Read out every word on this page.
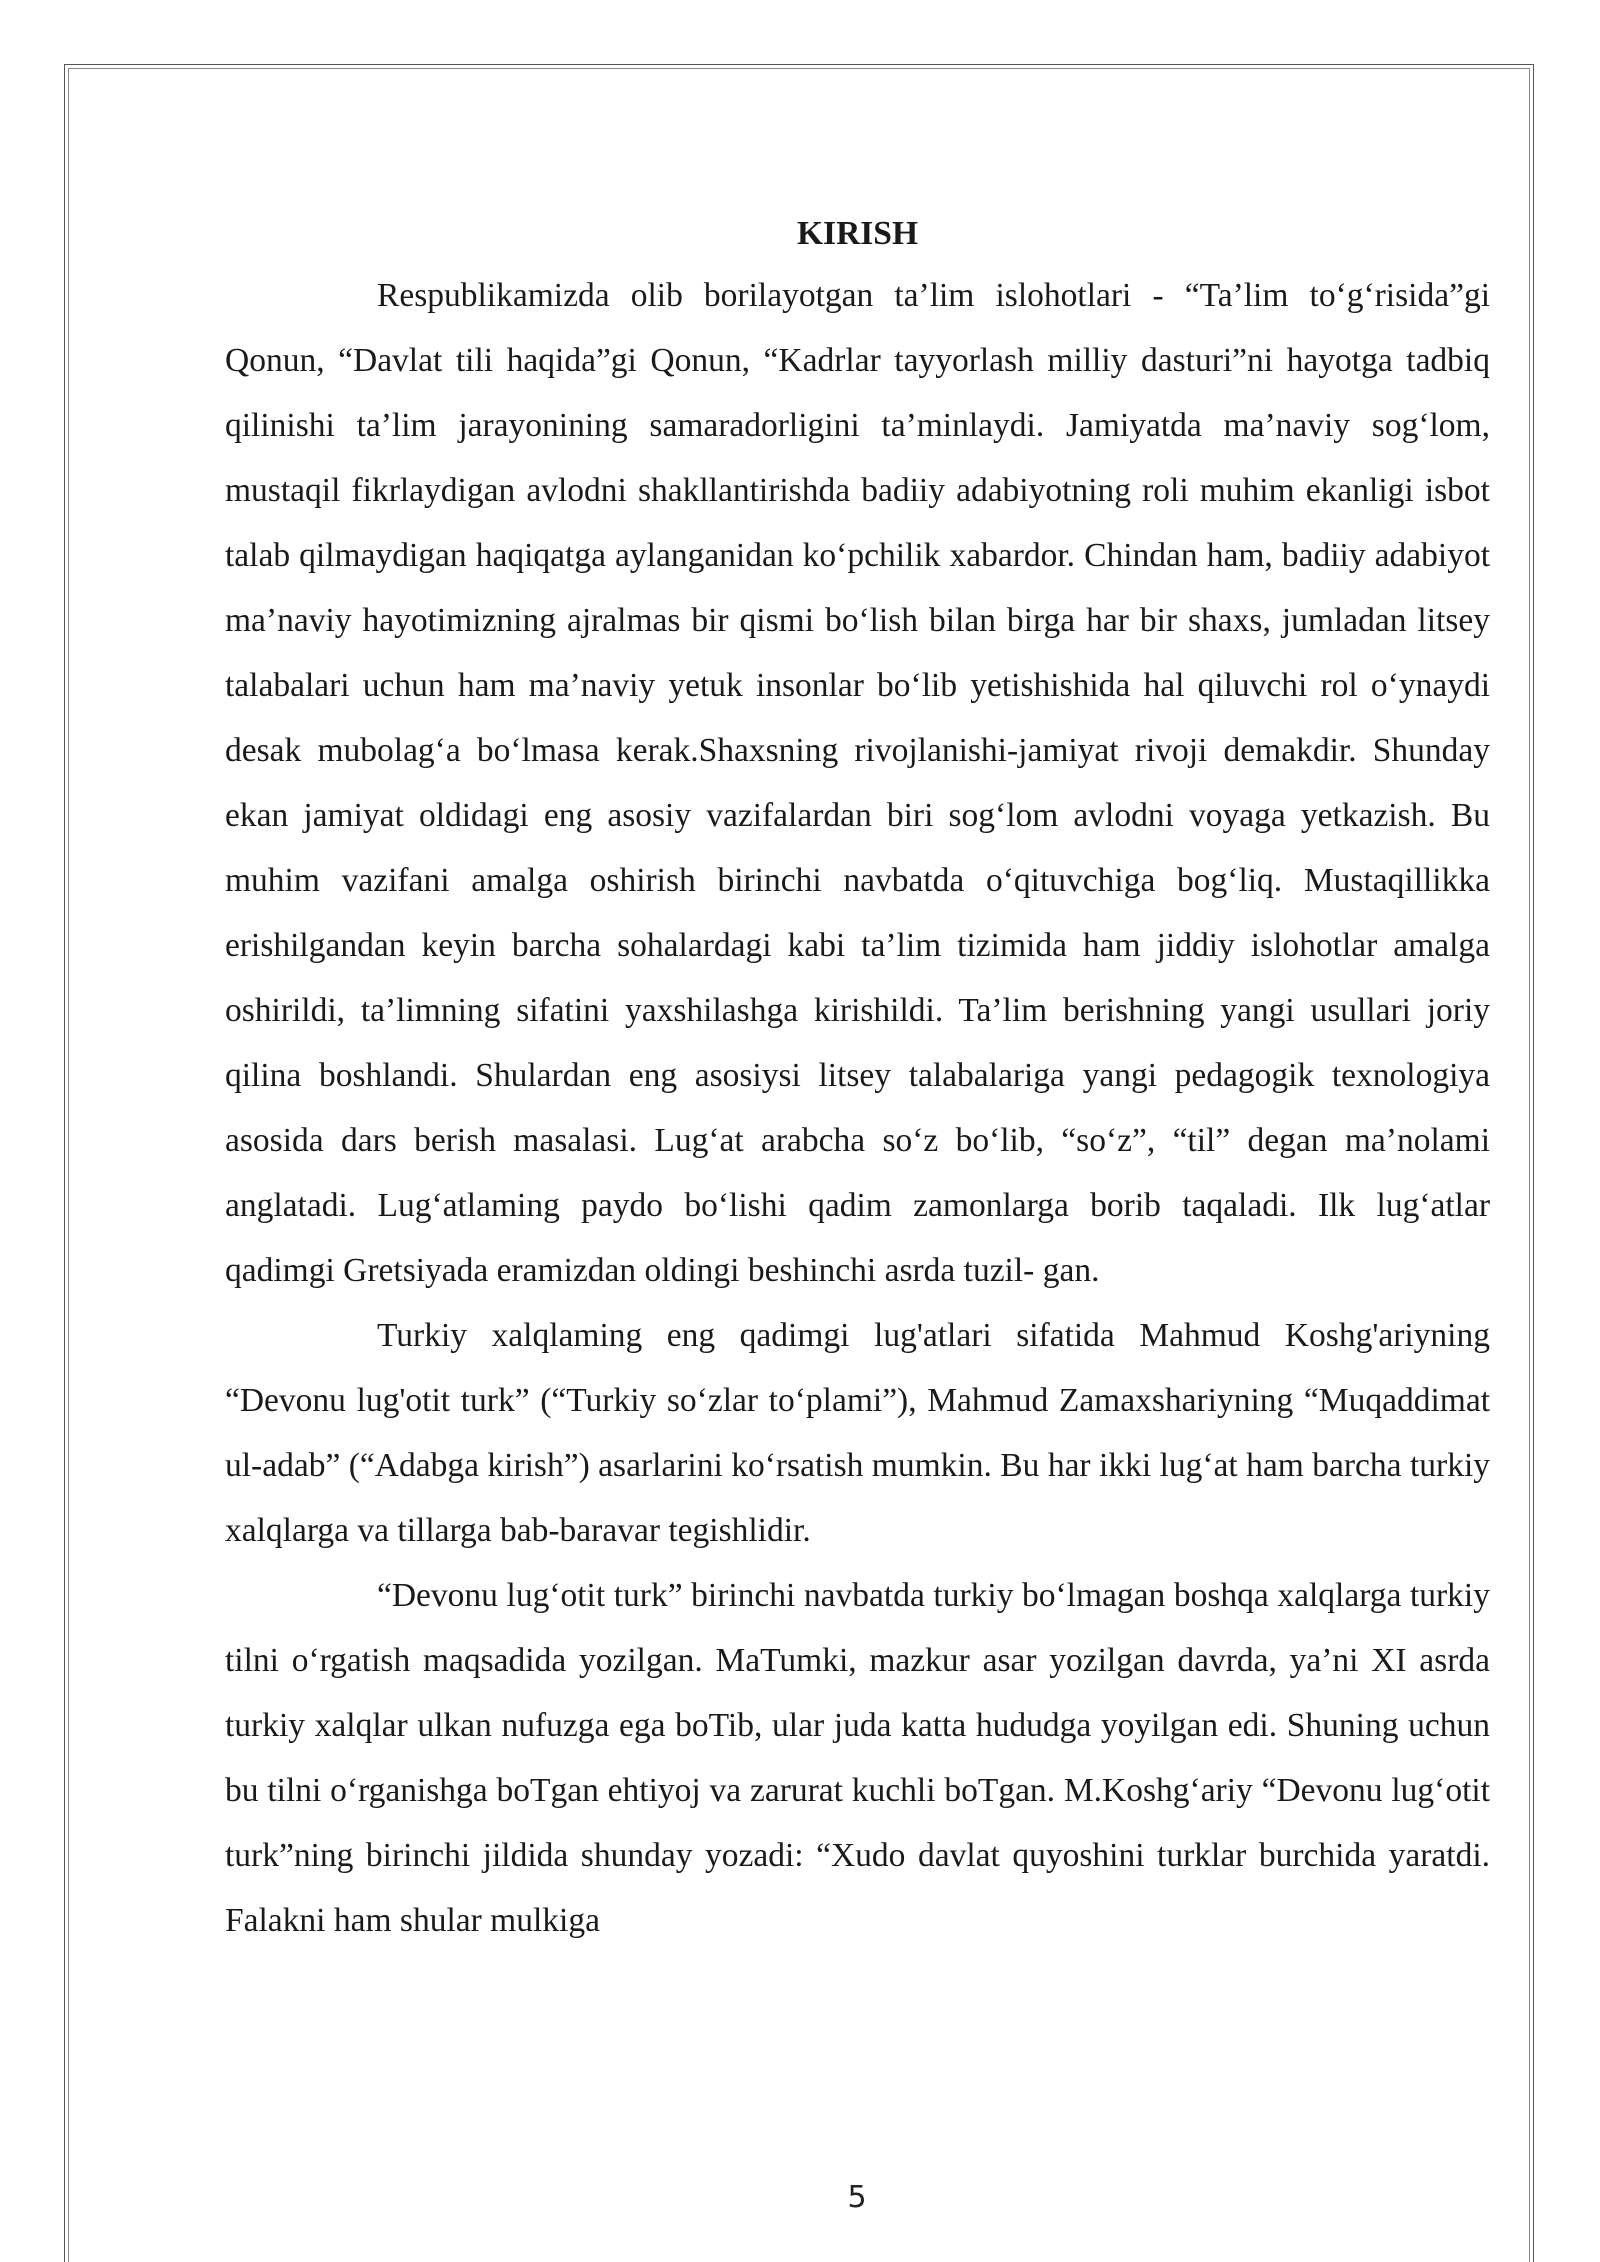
KIRISH

Respublikamizda olib borilayotgan ta’lim islohotlari - “Ta’lim to‘g‘risida”gi Qonun, “Davlat tili haqida”gi Qonun, “Kadrlar tayyorlash milliy dasturi”ni hayotga tadbiq qilinishi ta’lim jarayonining samaradorligini ta’minlaydi. Jamiyatda ma’naviy sog‘lom, mustaqil fikrlaydigan avlodni shakllantirishda badiiy adabiyotning roli muhim ekanligi isbot talab qilmaydigan haqiqatga aylanganidan ko‘pchilik xabardor. Chindan ham, badiiy adabiyot ma’naviy hayotimizning ajralmas bir qismi bo‘lish bilan birga har bir shaxs, jumladan litsey talabalari uchun ham ma’naviy yetuk insonlar bo‘lib yetishishida hal qiluvchi rol o‘ynaydi desak mubolag‘a bo‘lmasa kerak.Shaxsning rivojlanishi-jamiyat rivoji demakdir. Shunday ekan jamiyat oldidagi eng asosiy vazifalardan biri sog‘lom avlodni voyaga yetkazish. Bu muhim vazifani amalga oshirish birinchi navbatda o‘qituvchiga bog‘liq. Mustaqillikka erishilgandan keyin barcha sohalardagi kabi ta’lim tizimida ham jiddiy islohotlar amalga oshirildi, ta’limning sifatini yaxshilashga kirishildi. Ta’lim berishning yangi usullari joriy qilina boshlandi. Shulardan eng asosiysi litsey talabalariga yangi pedagogik texnologiya asosida dars berish masalasi. Lug‘at arabcha so‘z bo‘lib, “so‘z”, “til” degan ma’nolami anglatadi. Lug‘atlaming paydo bo‘lishi qadim zamonlarga borib taqaladi. Ilk lug‘atlar qadimgi Gretsiyada eramizdan oldingi beshinchi asrda tuzil- gan.

Turkiy xalqlaming eng qadimgi lug'atlari sifatida Mahmud Koshg'ariyning “Devonu lug'otit turk” (“Turkiy so‘zlar to‘plami”), Mahmud Zamaxshariyning “Muqaddimat ul-adab” (“Adabga kirish”) asarlarini ko‘rsatish mumkin. Bu har ikki lug‘at ham barcha turkiy xalqlarga va tillarga bab-baravar tegishlidir.

“Devonu lug‘otit turk” birinchi navbatda turkiy bo‘lmagan boshqa xalqlarga turkiy tilni o‘rgatish maqsadida yozilgan. MaTumki, mazkur asar yozilgan davrda, ya’ni XI asrda turkiy xalqlar ulkan nufuzga ega boTib, ular juda katta hududga yoyilgan edi. Shuning uchun bu tilni o‘rganishga boTgan ehtiyoj va zarurat kuchli boTgan. M.Koshg‘ariy “Devonu lug‘otit turk”ning birinchi jildida shunday yozadi: “Xudo davlat quyoshini turklar burchida yaratdi. Falakni ham shular mulkiga

5
